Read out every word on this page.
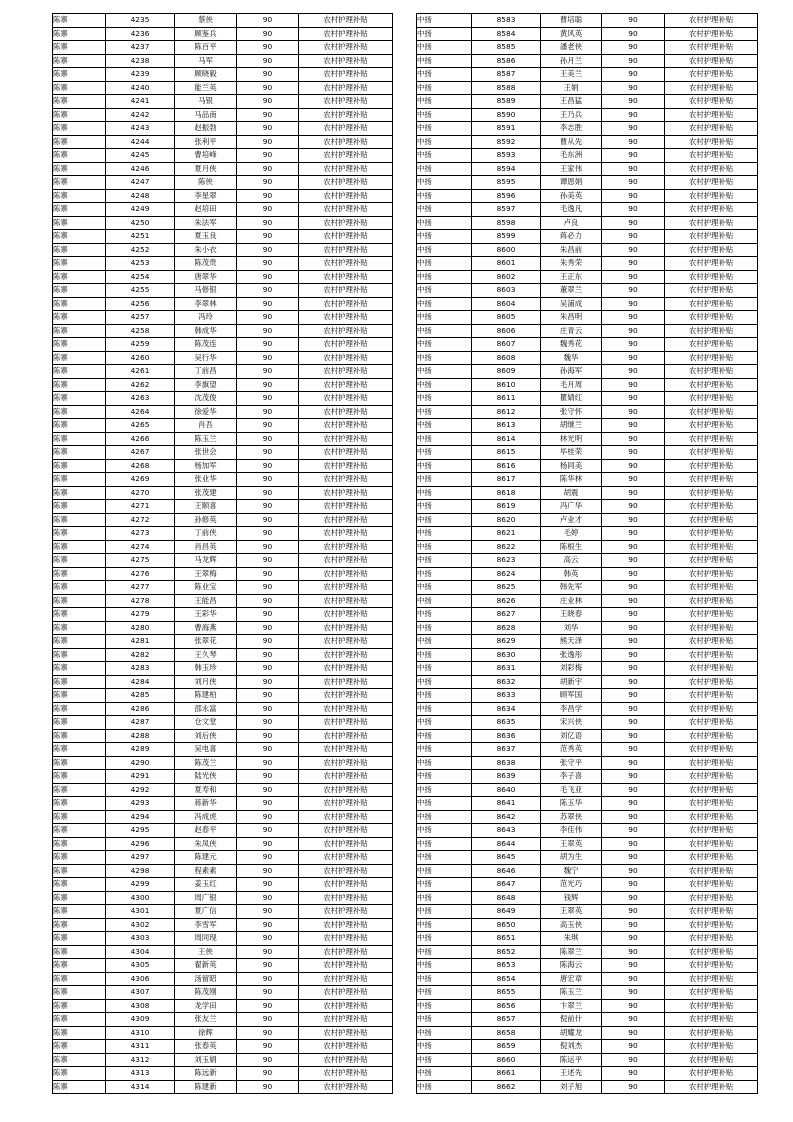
陈寨	4235	蔡侠	90	农村护理补贴
陈寨	4236	顾鉴兵	90	农村护理补贴
陈寨	4237	陈百平	90	农村护理补贴
陈寨	4238	马军	90	农村护理补贴
陈寨	4239	顾晓毅	90	农村护理补贴
陈寨	4240	能兰英	90	农村护理补贴
陈寨	4241	马银	90	农村护理补贴
陈寨	4242	马品南	90	农村护理补贴
陈寨	4243	赵振勃	90	农村护理补贴
陈寨	4244	张利平	90	农村护理补贴
陈寨	4245	曹培峰	90	农村护理补贴
陈寨	4246	夏月侠	90	农村护理补贴
陈寨	4247	陈侠	90	农村护理补贴
陈寨	4248	李星翠	90	农村护理补贴
陈寨	4249	赵培田	90	农村护理补贴
陈寨	4250	朱法军	90	农村护理补贴
陈寨	4251	夏玉良	90	农村护理补贴
陈寨	4252	朱小衣	90	农村护理补贴
陈寨	4253	陈茂贵	90	农村护理补贴
陈寨	4254	唐翠华	90	农村护理补贴
陈寨	4255	马修银	90	农村护理补贴
陈寨	4256	李翠林	90	农村护理补贴
陈寨	4257	冯玲	90	农村护理补贴
陈寨	4258	韩成华	90	农村护理补贴
陈寨	4259	陈茂连	90	农村护理补贴
陈寨	4260	吴行华	90	农村护理补贴
陈寨	4261	丁前昌	90	农村护理补贴
陈寨	4262	李旗望	90	农村护理补贴
陈寨	4263	沈茂俊	90	农村护理补贴
陈寨	4264	徐爱华	90	农村护理补贴
陈寨	4265	肖吾	90	农村护理补贴
陈寨	4266	陈玉兰	90	农村护理补贴
陈寨	4267	张世会	90	农村护理补贴
陈寨	4268	杨加军	90	农村护理补贴
陈寨	4269	张业华	90	农村护理补贴
陈寨	4270	张茂建	90	农村护理补贴
陈寨	4271	王顺喜	90	农村护理补贴
陈寨	4272	孙修英	90	农村护理补贴
陈寨	4273	丁前侠	90	农村护理补贴
陈寨	4274	肖昌英	90	农村护理补贴
陈寨	4275	马龙辉	90	农村护理补贴
陈寨	4276	王翠梅	90	农村护理补贴
陈寨	4277	陈业宝	90	农村护理补贴
陈寨	4278	王能昌	90	农村护理补贴
陈寨	4279	王彩华	90	农村护理补贴
陈寨	4280	曹海燕	90	农村护理补贴
陈寨	4281	张翠花	90	农村护理补贴
陈寨	4282	王久琴	90	农村护理补贴
陈寨	4283	韩玉珍	90	农村护理补贴
陈寨	4284	刘月侠	90	农村护理补贴
陈寨	4285	陈建柏	90	农村护理补贴
陈寨	4286	邵永富	90	农村护理补贴
陈寨	4287	仓文堂	90	农村护理补贴
陈寨	4288	刘后侠	90	农村护理补贴
陈寨	4289	吴电喜	90	农村护理补贴
陈寨	4290	陈茂兰	90	农村护理补贴
陈寨	4291	陆光侠	90	农村护理补贴
陈寨	4292	夏寿和	90	农村护理补贴
陈寨	4293	蒋新华	90	农村护理补贴
陈寨	4294	冯成虎	90	农村护理补贴
陈寨	4295	赵春平	90	农村护理补贴
陈寨	4296	朱凤侠	90	农村护理补贴
陈寨	4297	陈建元	90	农村护理补贴
陈寨	4298	程素素	90	农村护理补贴
陈寨	4299	姜玉红	90	农村护理补贴
陈寨	4300	周广银	90	农村护理补贴
陈寨	4301	夏广信	90	农村护理补贴
陈寨	4302	李雪军	90	农村护理补贴
陈寨	4303	周同现	90	农村护理补贴
陈寨	4304	王侠	90	农村护理补贴
陈寨	4305	翟新英	90	农村护理补贴
陈寨	4306	汤留昭	90	农村护理补贴
陈寨	4307	陈茂刚	90	农村护理补贴
陈寨	4308	龙学田	90	农村护理补贴
陈寨	4309	张友兰	90	农村护理补贴
陈寨	4310	徐辉	90	农村护理补贴
陈寨	4311	张春英	90	农村护理补贴
陈寨	4312	刘玉娟	90	农村护理补贴
陈寨	4313	陈远新	90	农村护理补贴
陈寨	4314	陈建新	90	农村护理补贴
中扬	8583	曹培聪	90	农村护理补贴
中扬	8584	黄风英	90	农村护理补贴
中扬	8585	潘老侠	90	农村护理补贴
中扬	8586	孙月兰	90	农村护理补贴
中扬	8587	王美兰	90	农村护理补贴
中扬	8588	王娟	90	农村护理补贴
中扬	8589	王昌猛	90	农村护理补贴
中扬	8590	王乃兵	90	农村护理补贴
中扬	8591	李志胜	90	农村护理补贴
中扬	8592	曹从先	90	农村护理补贴
中扬	8593	毛东洲	90	农村护理补贴
中扬	8594	王家伟	90	农村护理补贴
中扬	8595	谭恩娟	90	农村护理补贴
中扬	8596	孙美英	90	农村护理补贴
中扬	8597	毛逸凡	90	农村护理补贴
中扬	8598	卢良	90	农村护理补贴
中扬	8599	蒋必力	90	农村护理补贴
中扬	8600	朱昌前	90	农村护理补贴
中扬	8601	朱秀荣	90	农村护理补贴
中扬	8602	王正东	90	农村护理补贴
中扬	8603	董翠兰	90	农村护理补贴
中扬	8604	吴浦成	90	农村护理补贴
中扬	8605	朱昌明	90	农村护理补贴
中扬	8606	庄青云	90	农村护理补贴
中扬	8607	魏秀花	90	农村护理补贴
中扬	8608	魏华	90	农村护理补贴
中扬	8609	孙海军	90	农村护理补贴
中扬	8610	毛月周	90	农村护理补贴
中扬	8611	瞿婧红	90	农村护理补贴
中扬	8612	张守怀	90	农村护理补贴
中扬	8613	胡继兰	90	农村护理补贴
中扬	8614	林光明	90	农村护理补贴
中扬	8615	毕桂荣	90	农村护理补贴
中扬	8616	杨同美	90	农村护理补贴
中扬	8617	陈华林	90	农村护理补贴
中扬	8618	胡震	90	农村护理补贴
中扬	8619	冯广华	90	农村护理补贴
中扬	8620	卢业才	90	农村护理补贴
中扬	8621	毛婷	90	农村护理补贴
中扬	8622	陈根生	90	农村护理补贴
中扬	8623	高云	90	农村护理补贴
中扬	8624	韩英	90	农村护理补贴
中扬	8625	韩先军	90	农村护理补贴
中扬	8626	庄业林	90	农村护理补贴
中扬	8627	王晓春	90	农村护理补贴
中扬	8628	刘华	90	农村护理补贴
中扬	8629	熊天泽	90	农村护理补贴
中扬	8630	张逸彤	90	农村护理补贴
中扬	8631	刘彩梅	90	农村护理补贴
中扬	8632	胡新宇	90	农村护理补贴
中扬	8633	顾军国	90	农村护理补贴
中扬	8634	李昌学	90	农村护理补贴
中扬	8635	宋兴侠	90	农村护理补贴
中扬	8636	刘亿语	90	农村护理补贴
中扬	8637	范秀英	90	农村护理补贴
中扬	8638	张守平	90	农村护理补贴
中扬	8639	李子喜	90	农村护理补贴
中扬	8640	毛飞亚	90	农村护理补贴
中扬	8641	陈玉华	90	农村护理补贴
中扬	8642	苏翠侠	90	农村护理补贴
中扬	8643	李佳伟	90	农村护理补贴
中扬	8644	王翠英	90	农村护理补贴
中扬	8645	胡为生	90	农村护理补贴
中扬	8646	魏宁	90	农村护理补贴
中扬	8647	范光巧	90	农村护理补贴
中扬	8648	钱辉	90	农村护理补贴
中扬	8649	王翠英	90	农村护理补贴
中扬	8650	高玉侠	90	农村护理补贴
中扬	8651	朱琪	90	农村护理补贴
中扬	8652	陈翠兰	90	农村护理补贴
中扬	8653	陈海云	90	农村护理补贴
中扬	8654	唐宏章	90	农村护理补贴
中扬	8655	陈玉兰	90	农村护理补贴
中扬	8656	卞翠兰	90	农村护理补贴
中扬	8657	倪前什	90	农村护理补贴
中扬	8658	胡耀龙	90	农村护理补贴
中扬	8659	倪刘杰	90	农村护理补贴
中扬	8660	陈运平	90	农村护理补贴
中扬	8661	王述先	90	农村护理补贴
中扬	8662	刘子旭	90	农村护理补贴
